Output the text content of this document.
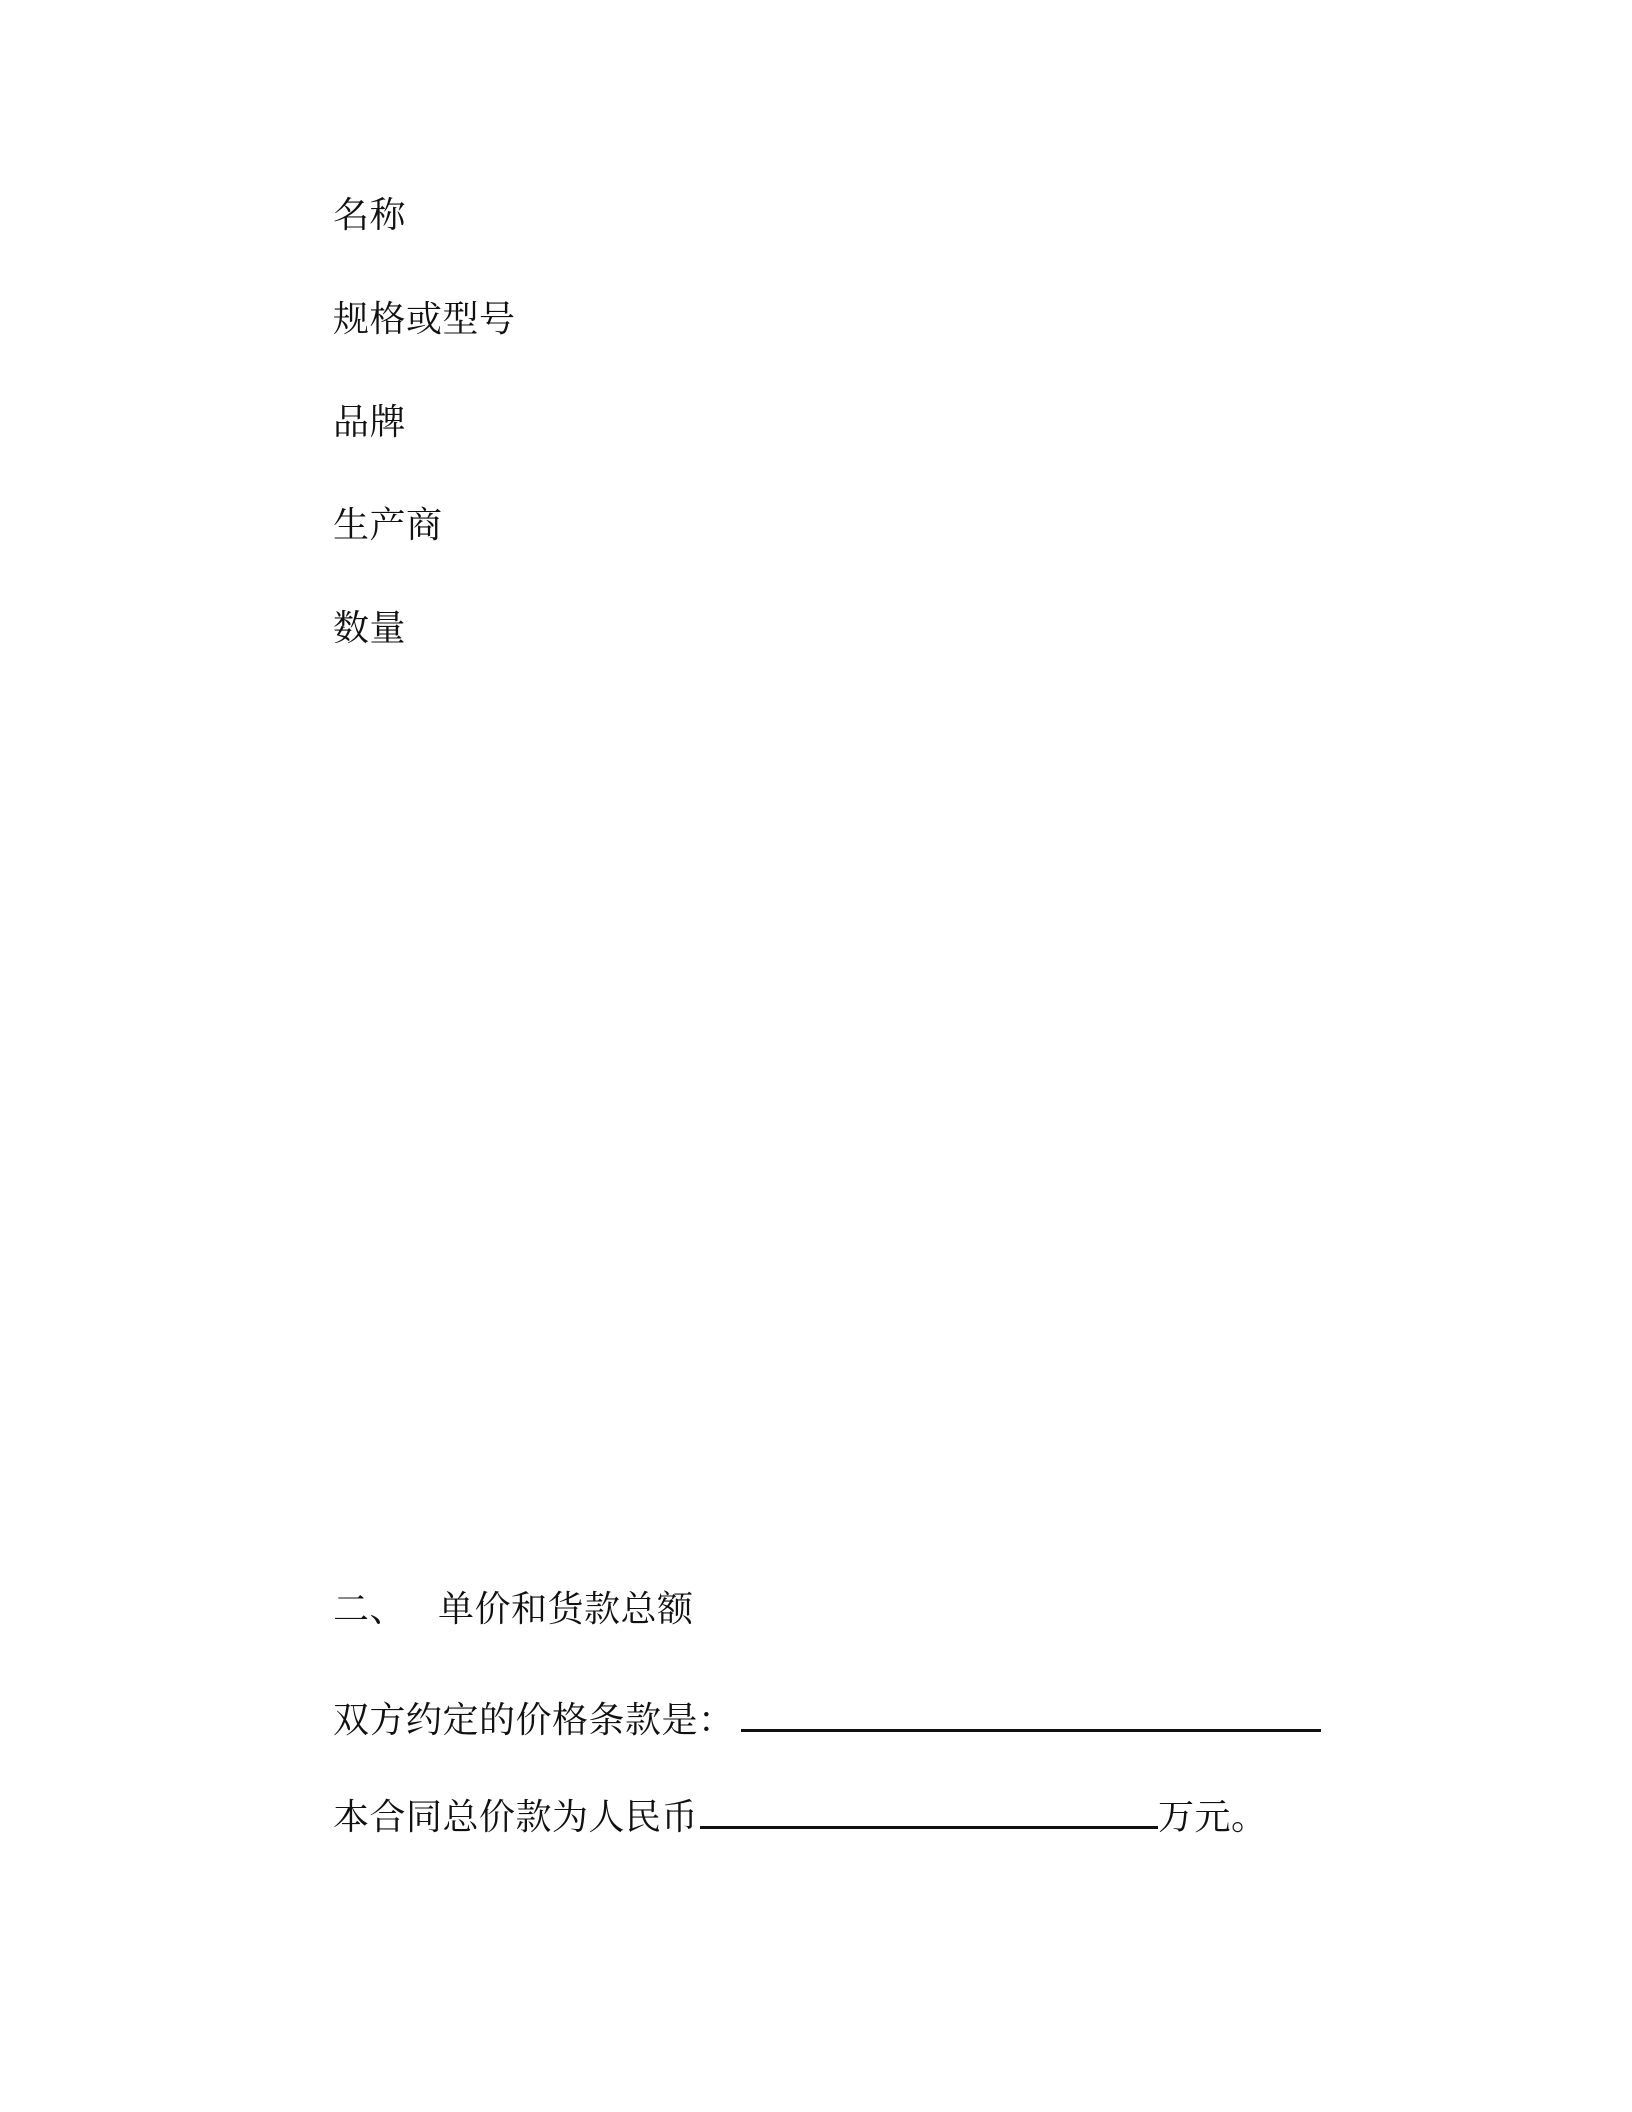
名称
规格或型号
品牌
生产商
数量
二、 单价和货款总额
双方约定的价格条款是：
本合同总价款为人民币	万元。
